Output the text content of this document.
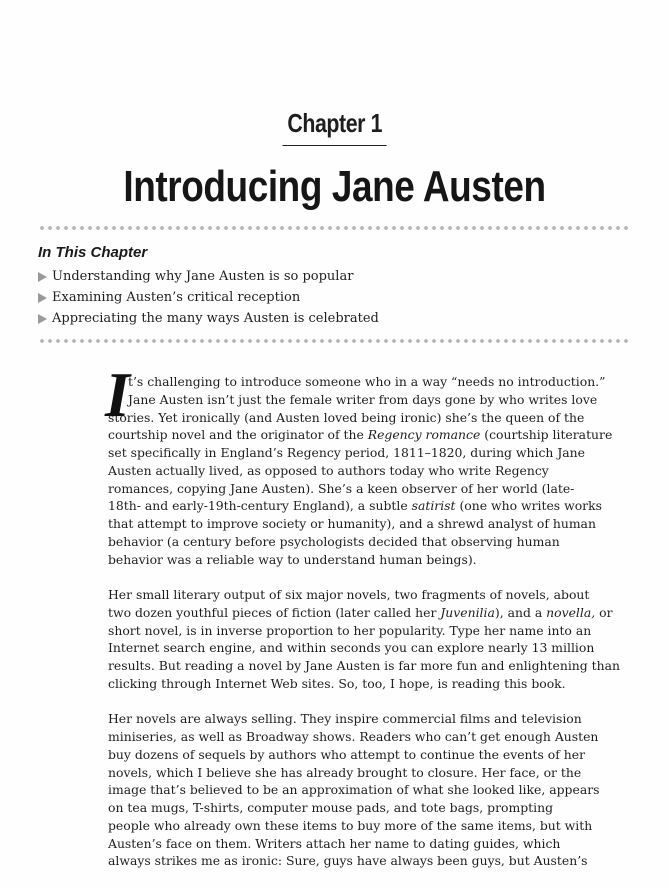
Chapter 1
Introducing Jane Austen
In This Chapter
Understanding why Jane Austen is so popular
Examining Austen’s critical reception
Appreciating the many ways Austen is celebrated
I
t’s challenging to introduce someone who in a way “needs no introduction.”
Jane Austen isn’t just the female writer from days gone by who writes love
stories. Yet ironically (and Austen loved being ironic) she’s the queen of the
courtship novel and the originator of the Regency romance (courtship literature
set specifically in England’s Regency period, 1811–1820, during which Jane
Austen actually lived, as opposed to authors today who write Regency
romances, copying Jane Austen). She’s a keen observer of her world (late-
18th- and early-19th-century England), a subtle satirist (one who writes works
that attempt to improve society or humanity), and a shrewd analyst of human
behavior (a century before psychologists decided that observing human
behavior was a reliable way to understand human beings).
Her small literary output of six major novels, two fragments of novels, about
two dozen youthful pieces of fiction (later called her Juvenilia), and a novella, or
short novel, is in inverse proportion to her popularity. Type her name into an
Internet search engine, and within seconds you can explore nearly 13 million
results. But reading a novel by Jane Austen is far more fun and enlightening than
clicking through Internet Web sites. So, too, I hope, is reading this book.
Her novels are always selling. They inspire commercial films and television
miniseries, as well as Broadway shows. Readers who can’t get enough Austen
buy dozens of sequels by authors who attempt to continue the events of her
novels, which I believe she has already brought to closure. Her face, or the
image that’s believed to be an approximation of what she looked like, appears
on tea mugs, T-shirts, computer mouse pads, and tote bags, prompting
people who already own these items to buy more of the same items, but with
Austen’s face on them. Writers attach her name to dating guides, which
always strikes me as ironic: Sure, guys have always been guys, but Austen’s
